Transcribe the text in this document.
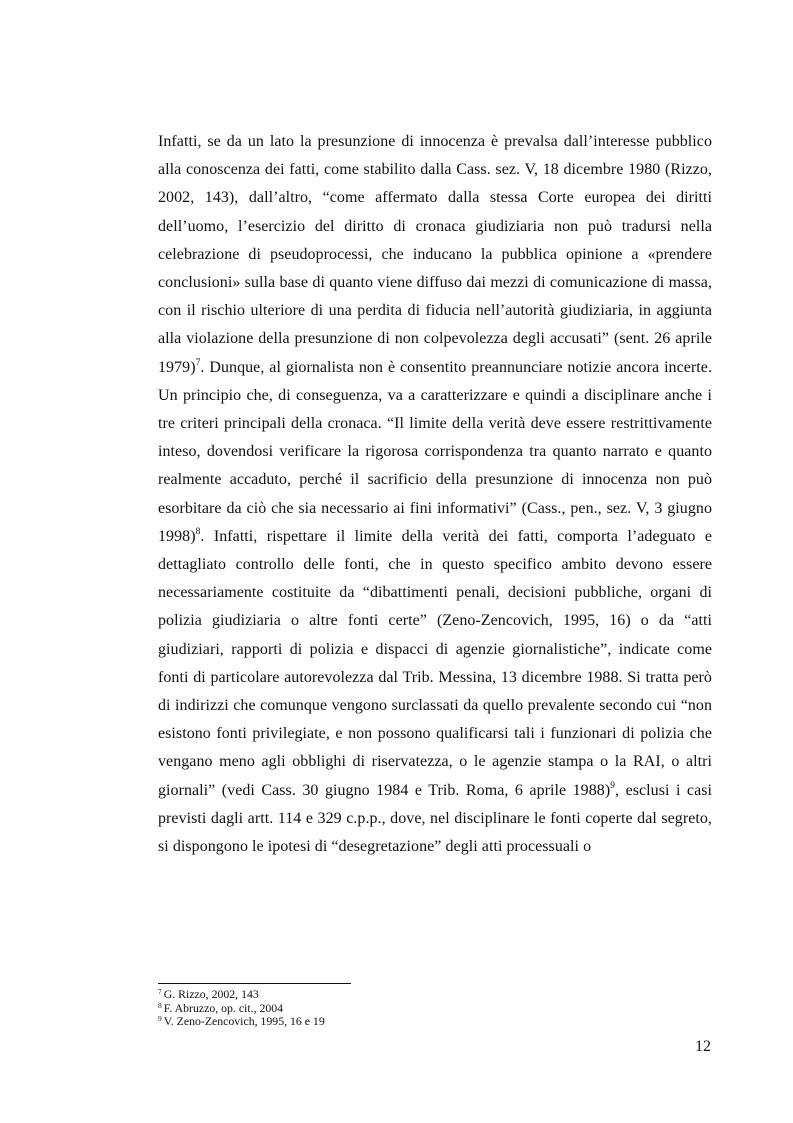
Infatti, se da un lato la presunzione di innocenza è prevalsa dall’interesse pubblico alla conoscenza dei fatti, come stabilito dalla Cass. sez. V, 18 dicembre 1980 (Rizzo, 2002, 143), dall’altro, “come affermato dalla stessa Corte europea dei diritti dell’uomo, l’esercizio del diritto di cronaca giudiziaria non può tradursi nella celebrazione di pseudoprocessi, che inducano la pubblica opinione a «prendere conclusioni» sulla base di quanto viene diffuso dai mezzi di comunicazione di massa, con il rischio ulteriore di una perdita di fiducia nell’autorità giudiziaria, in aggiunta alla violazione della presunzione di non colpevolezza degli accusati” (sent. 26 aprile 1979)$^7$. Dunque, al giornalista non è consentito preannunciare notizie ancora incerte. Un principio che, di conseguenza, va a caratterizzare e quindi a disciplinare anche i tre criteri principali della cronaca. “Il limite della verità deve essere restrittivamente inteso, dovendosi verificare la rigorosa corrispondenza tra quanto narrato e quanto realmente accaduto, perché il sacrificio della presunzione di innocenza non può esorbitare da ciò che sia necessario ai fini informativi” (Cass., pen., sez. V, 3 giugno 1998)$^8$. Infatti, rispettare il limite della verità dei fatti, comporta l’adeguato e dettagliato controllo delle fonti, che in questo specifico ambito devono essere necessariamente costituite da “dibattimenti penali, decisioni pubbliche, organi di polizia giudiziaria o altre fonti certe” (Zeno-Zencovich, 1995, 16) o da “atti giudiziari, rapporti di polizia e dispacci di agenzie giornalistiche”, indicate come fonti di particolare autorevolezza dal Trib. Messina, 13 dicembre 1988. Si tratta però di indirizzi che comunque vengono surclassati da quello prevalente secondo cui “non esistono fonti privilegiate, e non possono qualificarsi tali i funzionari di polizia che vengano meno agli obblighi di riservatezza, o le agenzie stampa o la RAI, o altri giornali” (vedi Cass. 30 giugno 1984 e Trib. Roma, 6 aprile 1988)$^9$, esclusi i casi previsti dagli artt. 114 e 329 c.p.p., dove, nel disciplinare le fonti coperte dal segreto, si dispongono le ipotesi di “desegretazione” degli atti processuali o

$^7$ G. Rizzo, 2002, 143
$^8$ F. Abruzzo, op. cit., 2004
$^9$ V. Zeno-Zencovich, 1995, 16 e 19
12
